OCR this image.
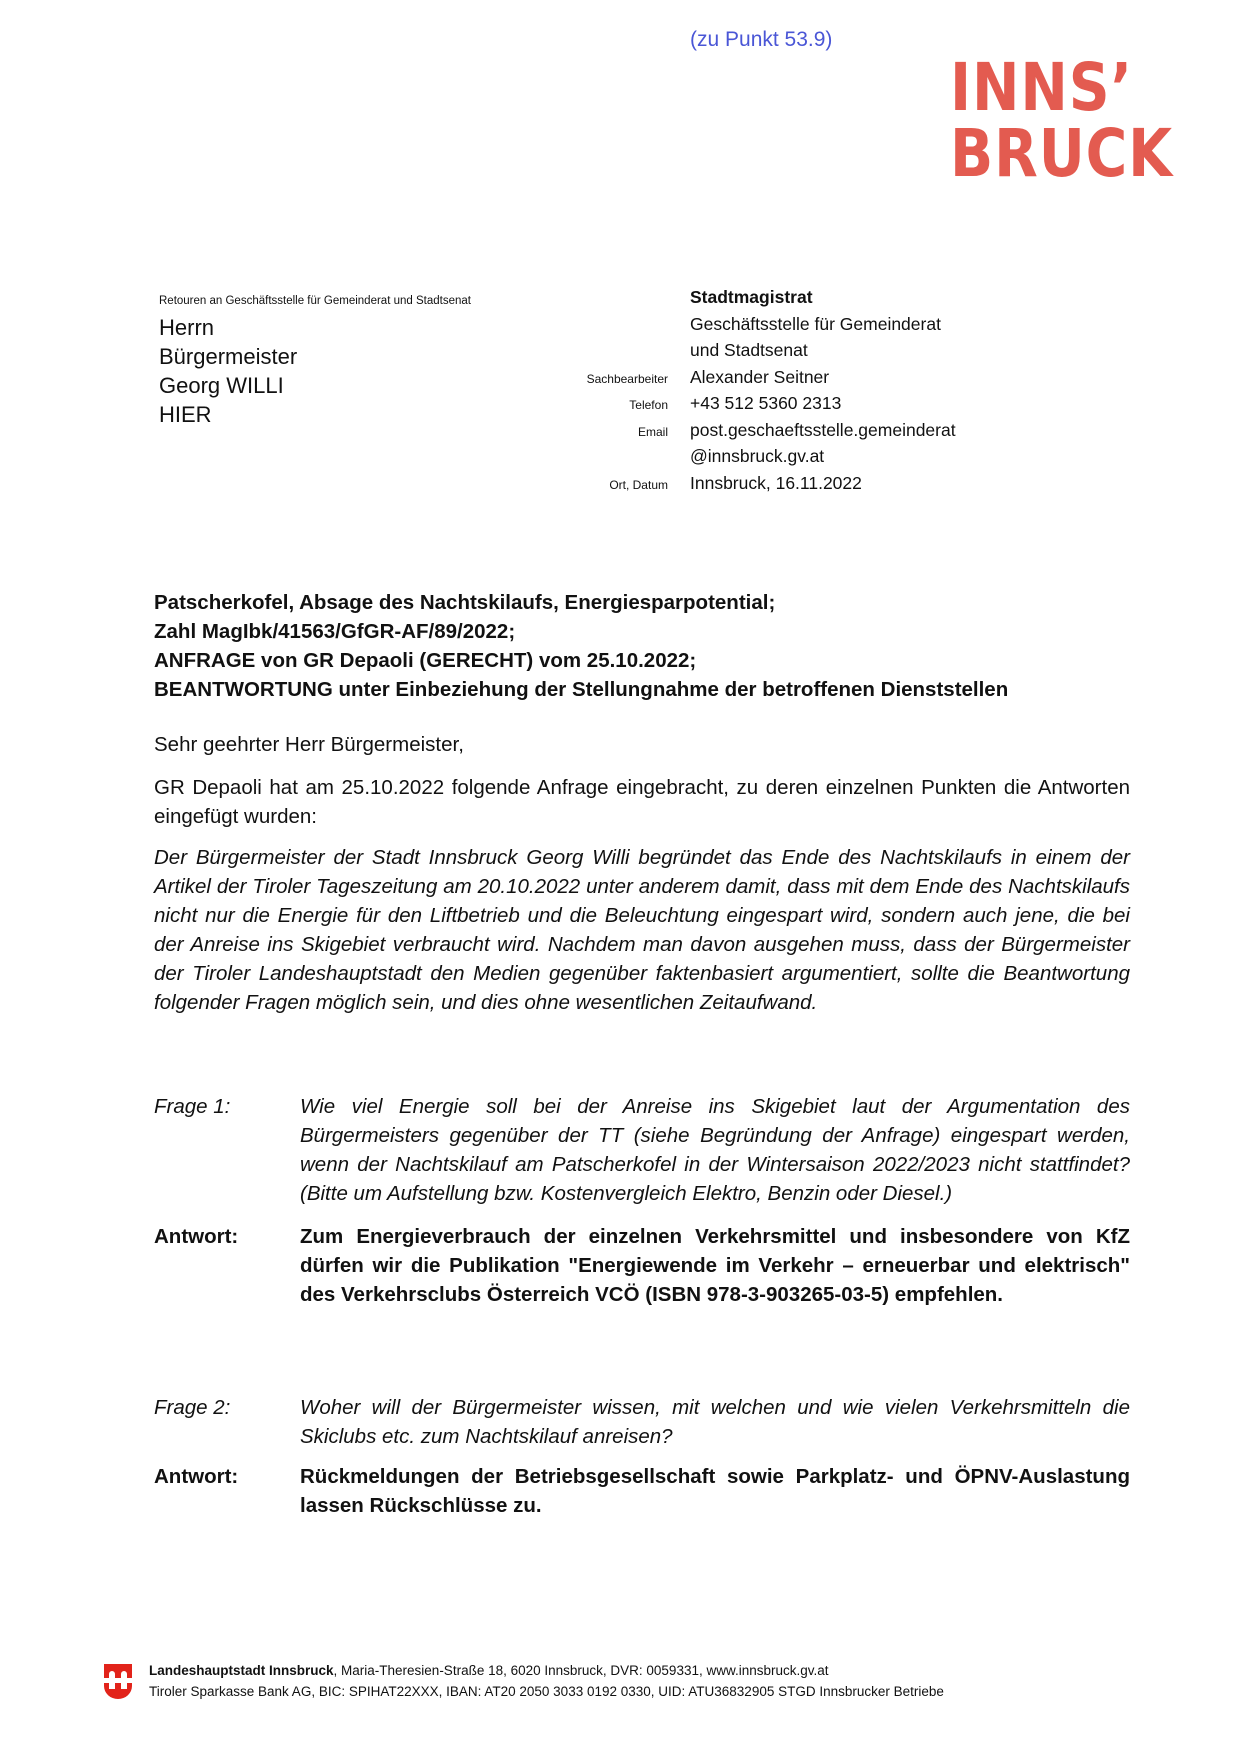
(zu Punkt 53.9)
INNS’
BRUCK
Retouren an Geschäftsstelle für Gemeinderat und Stadtsenat
Herrn
Bürgermeister
Georg WILLI
HIER
Stadtmagistrat
Geschäftsstelle für Gemeinderat
und Stadtsenat
Sachbearbeiter	Alexander Seitner
Telefon	+43 512 5360 2313
Email	post.geschaeftsstelle.gemeinderat
@innsbruck.gv.at
Ort, Datum	Innsbruck, 16.11.2022
Patscherkofel, Absage des Nachtskilaufs, Energiesparpotential;
Zahl MagIbk/41563/GfGR-AF/89/2022;
ANFRAGE von GR Depaoli (GERECHT) vom 25.10.2022;
BEANTWORTUNG unter Einbeziehung der Stellungnahme der betroffenen Dienststellen
Sehr geehrter Herr Bürgermeister,
GR Depaoli hat am 25.10.2022 folgende Anfrage eingebracht, zu deren einzelnen Punkten die Antworten eingefügt wurden:
Der Bürgermeister der Stadt Innsbruck Georg Willi begründet das Ende des Nachtskilaufs in einem der Artikel der Tiroler Tageszeitung am 20.10.2022 unter anderem damit, dass mit dem Ende des Nachtskilaufs nicht nur die Energie für den Liftbetrieb und die Beleuchtung eingespart wird, sondern auch jene, die bei der Anreise ins Skigebiet verbraucht wird. Nachdem man davon ausgehen muss, dass der Bürgermeister der Tiroler Landeshauptstadt den Medien gegenüber faktenbasiert argumentiert, sollte die Beantwortung folgender Fragen möglich sein, und dies ohne wesentlichen Zeitaufwand.
Frage 1:	Wie viel Energie soll bei der Anreise ins Skigebiet laut der Argumentation des Bürgermeisters gegenüber der TT (siehe Begründung der Anfrage) eingespart werden, wenn der Nachtskilauf am Patscherkofel in der Wintersaison 2022/2023 nicht stattfindet? (Bitte um Aufstellung bzw. Kostenvergleich Elektro, Benzin oder Diesel.)
Antwort:	Zum Energieverbrauch der einzelnen Verkehrsmittel und insbesondere von KfZ dürfen wir die Publikation "Energiewende im Verkehr – erneuerbar und elektrisch" des Verkehrsclubs Österreich VCÖ (ISBN 978-3-903265-03-5) empfehlen.
Frage 2:	Woher will der Bürgermeister wissen, mit welchen und wie vielen Verkehrsmitteln die Skiclubs etc. zum Nachtskilauf anreisen?
Antwort:	Rückmeldungen der Betriebsgesellschaft sowie Parkplatz- und ÖPNV-Auslastung lassen Rückschlüsse zu.
Landeshauptstadt Innsbruck, Maria-Theresien-Straße 18, 6020 Innsbruck, DVR: 0059331, www.innsbruck.gv.at
Tiroler Sparkasse Bank AG, BIC: SPIHAT22XXX, IBAN: AT20 2050 3033 0192 0330, UID: ATU36832905 STGD Innsbrucker Betriebe
